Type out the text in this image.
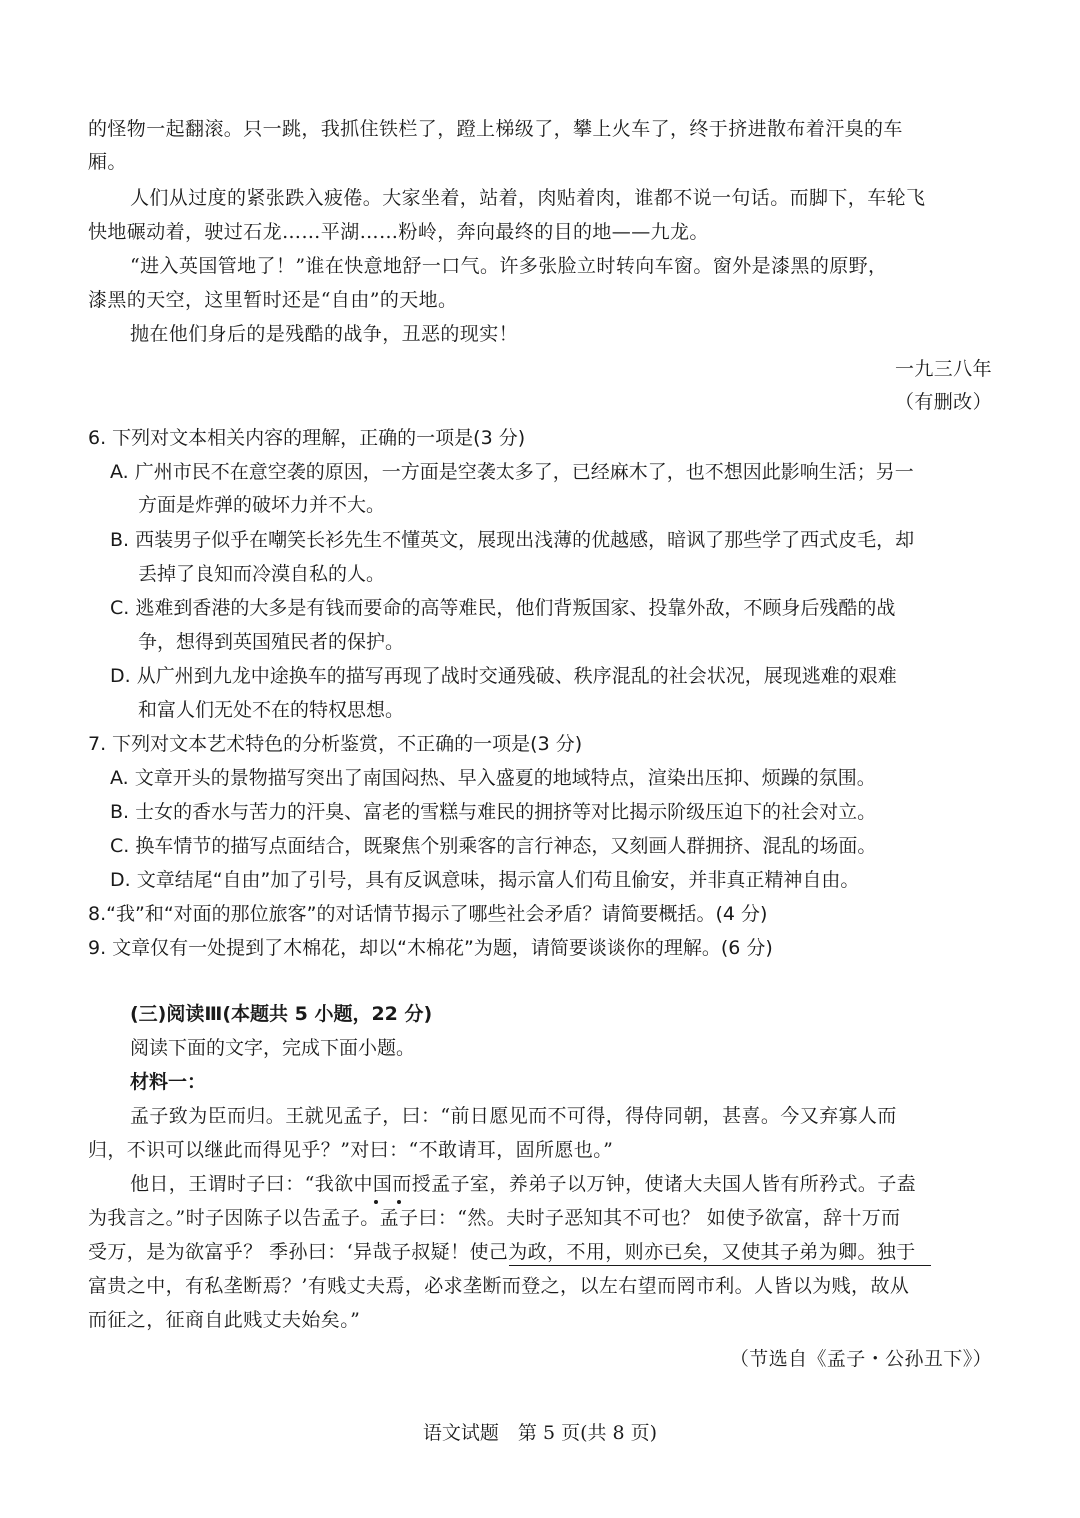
的怪物一起翻滚。只一跳，我抓住铁栏了，蹬上梯级了，攀上火车了，终于挤进散布着汗臭的车
厢。
人们从过度的紧张跌入疲倦。大家坐着，站着，肉贴着肉，谁都不说一句话。而脚下，车轮飞
快地碾动着，驶过石龙……平湖……粉岭，奔向最终的目的地——九龙。
“进入英国管地了！”谁在快意地舒一口气。许多张脸立时转向车窗。窗外是漆黑的原野，
漆黑的天空，这里暂时还是“自由”的天地。
抛在他们身后的是残酷的战争，丑恶的现实！
一九三八年
（有删改）
6. 下列对文本相关内容的理解，正确的一项是(3 分)
A. 广州市民不在意空袭的原因，一方面是空袭太多了，已经麻木了，也不想因此影响生活；另一
方面是炸弹的破坏力并不大。
B. 西装男子似乎在嘲笑长衫先生不懂英文，展现出浅薄的优越感，暗讽了那些学了西式皮毛，却
丢掉了良知而冷漠自私的人。
C. 逃难到香港的大多是有钱而要命的高等难民，他们背叛国家、投靠外敌，不顾身后残酷的战
争，想得到英国殖民者的保护。
D. 从广州到九龙中途换车的描写再现了战时交通残破、秩序混乱的社会状况，展现逃难的艰难
和富人们无处不在的特权思想。
7. 下列对文本艺术特色的分析鉴赏，不正确的一项是(3 分)
A. 文章开头的景物描写突出了南国闷热、早入盛夏的地域特点，渲染出压抑、烦躁的氛围。
B. 士女的香水与苦力的汗臭、富老的雪糕与难民的拥挤等对比揭示阶级压迫下的社会对立。
C. 换车情节的描写点面结合，既聚焦个别乘客的言行神态，又刻画人群拥挤、混乱的场面。
D. 文章结尾“自由”加了引号，具有反讽意味，揭示富人们苟且偷安，并非真正精神自由。
8.“我”和“对面的那位旅客”的对话情节揭示了哪些社会矛盾？请简要概括。(4 分)
9. 文章仅有一处提到了木棉花，却以“木棉花”为题，请简要谈谈你的理解。(6 分)
(三)阅读Ⅲ(本题共 5 小题，22 分)
阅读下面的文字，完成下面小题。
材料一：
孟子致为臣而归。王就见孟子，曰：“前日愿见而不可得，得侍同朝，甚喜。今又弃寡人而
归，不识可以继此而得见乎？”对曰：“不敢请耳，固所愿也。”
他日，王谓时子曰：“我欲中国而授孟子室，养弟子以万钟，使诸大夫国人皆有所矜式。子盍
为我言之。”时子因陈子以告孟子。孟子曰：“然。夫时子恶知其不可也？ 如使予欲富，辞十万而
受万，是为欲富乎？ 季孙曰：‘异哉子叔疑！使己为政，不用，则亦已矣，又使其子弟为卿。独于
富贵之中，有私垄断焉？’有贱丈夫焉，必求垄断而登之，以左右望而罔市利。人皆以为贱，故从
而征之，征商自此贱丈夫始矣。”
（节选自《孟子・公孙丑下》）
语文试题　第 5 页(共 8 页)
